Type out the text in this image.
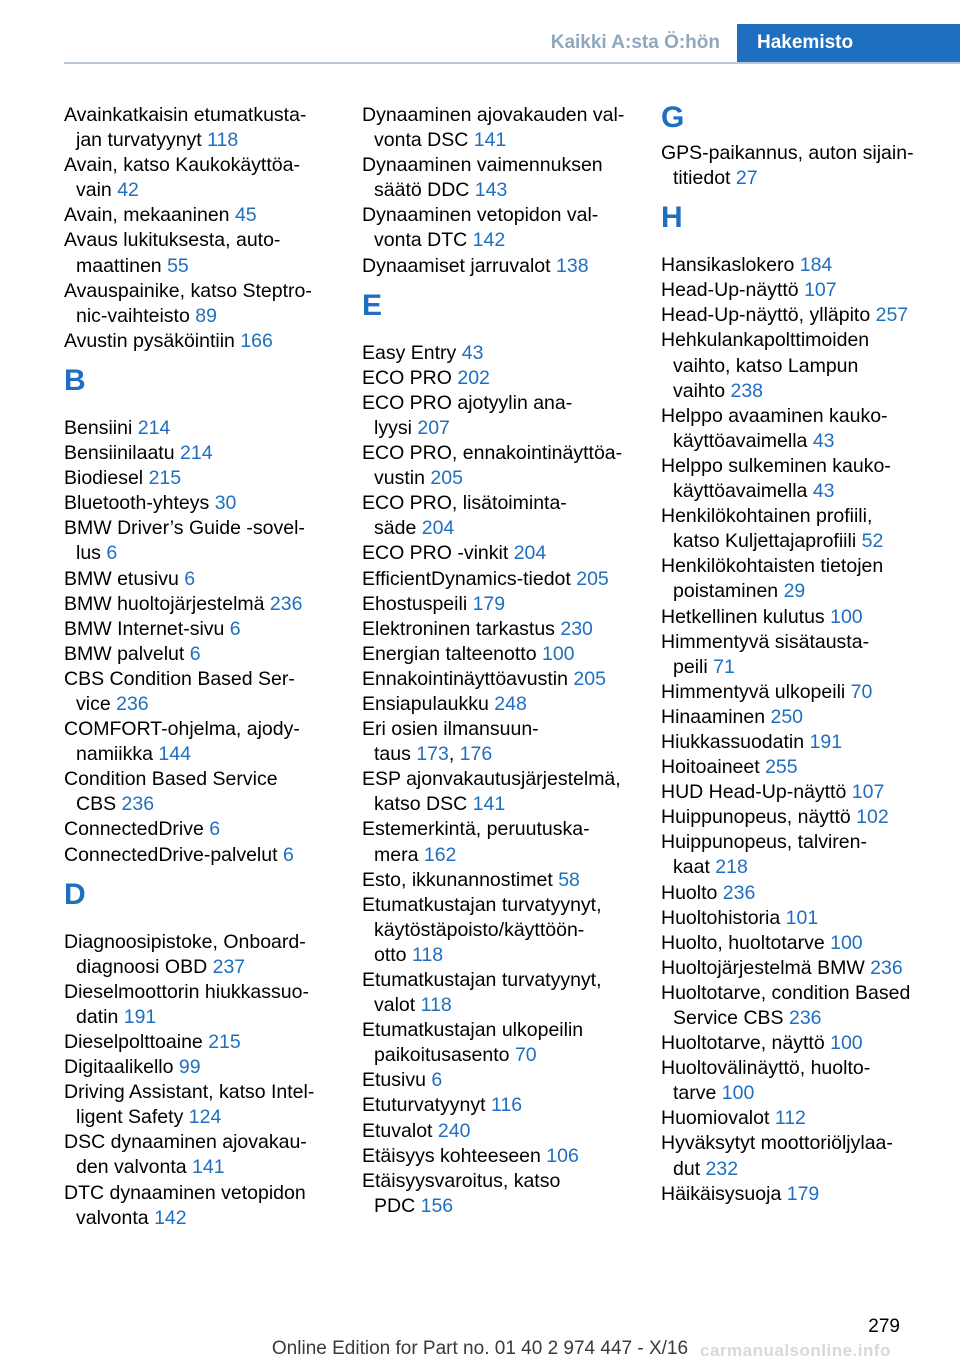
Kaikki A:sta Ö:hön	Hakemisto
Avainkatkaisin etumatkusta-
jan turvatyynyt 118
Avain, katso Kaukokäyttöa-
vain 42
Avain, mekaaninen 45
Avaus lukituksesta, auto-
maattinen 55
Avauspainike, katso Steptro-
nic-vaihteisto 89
Avustin pysäköintiin 166
B
Bensiini 214
Bensiinilaatu 214
Biodiesel 215
Bluetooth-yhteys 30
BMW Driver’s Guide -sovel-
lus 6
BMW etusivu 6
BMW huoltojärjestelmä 236
BMW Internet-sivu 6
BMW palvelut 6
CBS Condition Based Ser-
vice 236
COMFORT-ohjelma, ajody-
namiikka 144
Condition Based Service
CBS 236
ConnectedDrive 6
ConnectedDrive-palvelut 6
D
Diagnoosipistoke, Onboard-
diagnoosi OBD 237
Dieselmoottorin hiukkassuo-
datin 191
Dieselpolttoaine 215
Digitaalikello 99
Driving Assistant, katso Intel-
ligent Safety 124
DSC dynaaminen ajovakau-
den valvonta 141
DTC dynaaminen vetopidon
valvonta 142
Dynaaminen ajovakauden val-
vonta DSC 141
Dynaaminen vaimennuksen
säätö DDC 143
Dynaaminen vetopidon val-
vonta DTC 142
Dynaamiset jarruvalot 138
E
Easy Entry 43
ECO PRO 202
ECO PRO ajotyylin ana-
lyysi 207
ECO PRO, ennakointinäyttöa-
vustin 205
ECO PRO, lisätoiminta-
säde 204
ECO PRO -vinkit 204
EfficientDynamics-tiedot 205
Ehostuspeili 179
Elektroninen tarkastus 230
Energian talteenotto 100
Ennakointinäyttöavustin 205
Ensiapulaukku 248
Eri osien ilmansuun-
taus 173, 176
ESP ajonvakautusjärjestelmä,
katso DSC 141
Estemerkintä, peruutuska-
mera 162
Esto, ikkunannostimet 58
Etumatkustajan turvatyynyt,
käytöstäpoisto/käyttöön-
otto 118
Etumatkustajan turvatyynyt,
valot 118
Etumatkustajan ulkopeilin
paikoitusasento 70
Etusivu 6
Etuturvatyynyt 116
Etuvalot 240
Etäisyys kohteeseen 106
Etäisyysvaroitus, katso
PDC 156
G
GPS-paikannus, auton sijain-
titiedot 27
H
Hansikaslokero 184
Head-Up-näyttö 107
Head-Up-näyttö, ylläpito 257
Hehkulankapolttimoiden
vaihto, katso Lampun
vaihto 238
Helppo avaaminen kauko-
käyttöavaimella 43
Helppo sulkeminen kauko-
käyttöavaimella 43
Henkilökohtainen profiili,
katso Kuljettajaprofiili 52
Henkilökohtaisten tietojen
poistaminen 29
Hetkellinen kulutus 100
Himmentyvä sisätausta-
peili 71
Himmentyvä ulkopeili 70
Hinaaminen 250
Hiukkassuodatin 191
Hoitoaineet 255
HUD Head-Up-näyttö 107
Huippunopeus, näyttö 102
Huippunopeus, talviren-
kaat 218
Huolto 236
Huoltohistoria 101
Huolto, huoltotarve 100
Huoltojärjestelmä BMW 236
Huoltotarve, condition Based
Service CBS 236
Huoltotarve, näyttö 100
Huoltovälinäyttö, huolto-
tarve 100
Huomiovalot 112
Hyväksytyt moottoriöljylaa-
dut 232
Häikäisysuoja 179
279
Online Edition for Part no. 01 40 2 974 447 - X/16 carmanualsonline.info
